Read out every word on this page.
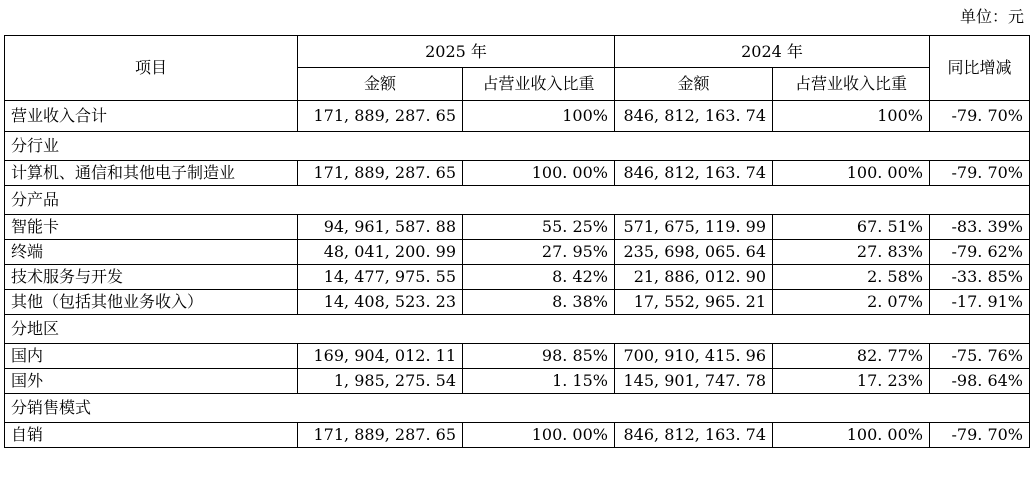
单位：元
项目	2025 年		2024 年		同比增减
	金额	占营业收入比重	金额	占营业收入比重	
营业收入合计	171, 889, 287. 65	100%	846, 812, 163. 74	100%	-79. 70%
分行业					
计算机、通信和其他电子制造业	171, 889, 287. 65	100. 00%	846, 812, 163. 74	100. 00%	-79. 70%
分产品					
智能卡	94, 961, 587. 88	55. 25%	571, 675, 119. 99	67. 51%	-83. 39%
终端	48, 041, 200. 99	27. 95%	235, 698, 065. 64	27. 83%	-79. 62%
技术服务与开发	14, 477, 975. 55	8. 42%	21, 886, 012. 90	2. 58%	-33. 85%
其他（包括其他业务收入）	14, 408, 523. 23	8. 38%	17, 552, 965. 21	2. 07%	-17. 91%
分地区					
国内	169, 904, 012. 11	98. 85%	700, 910, 415. 96	82. 77%	-75. 76%
国外	1, 985, 275. 54	1. 15%	145, 901, 747. 78	17. 23%	-98. 64%
分销售模式					
自销	171, 889, 287. 65	100. 00%	846, 812, 163. 74	100. 00%	-79. 70%
